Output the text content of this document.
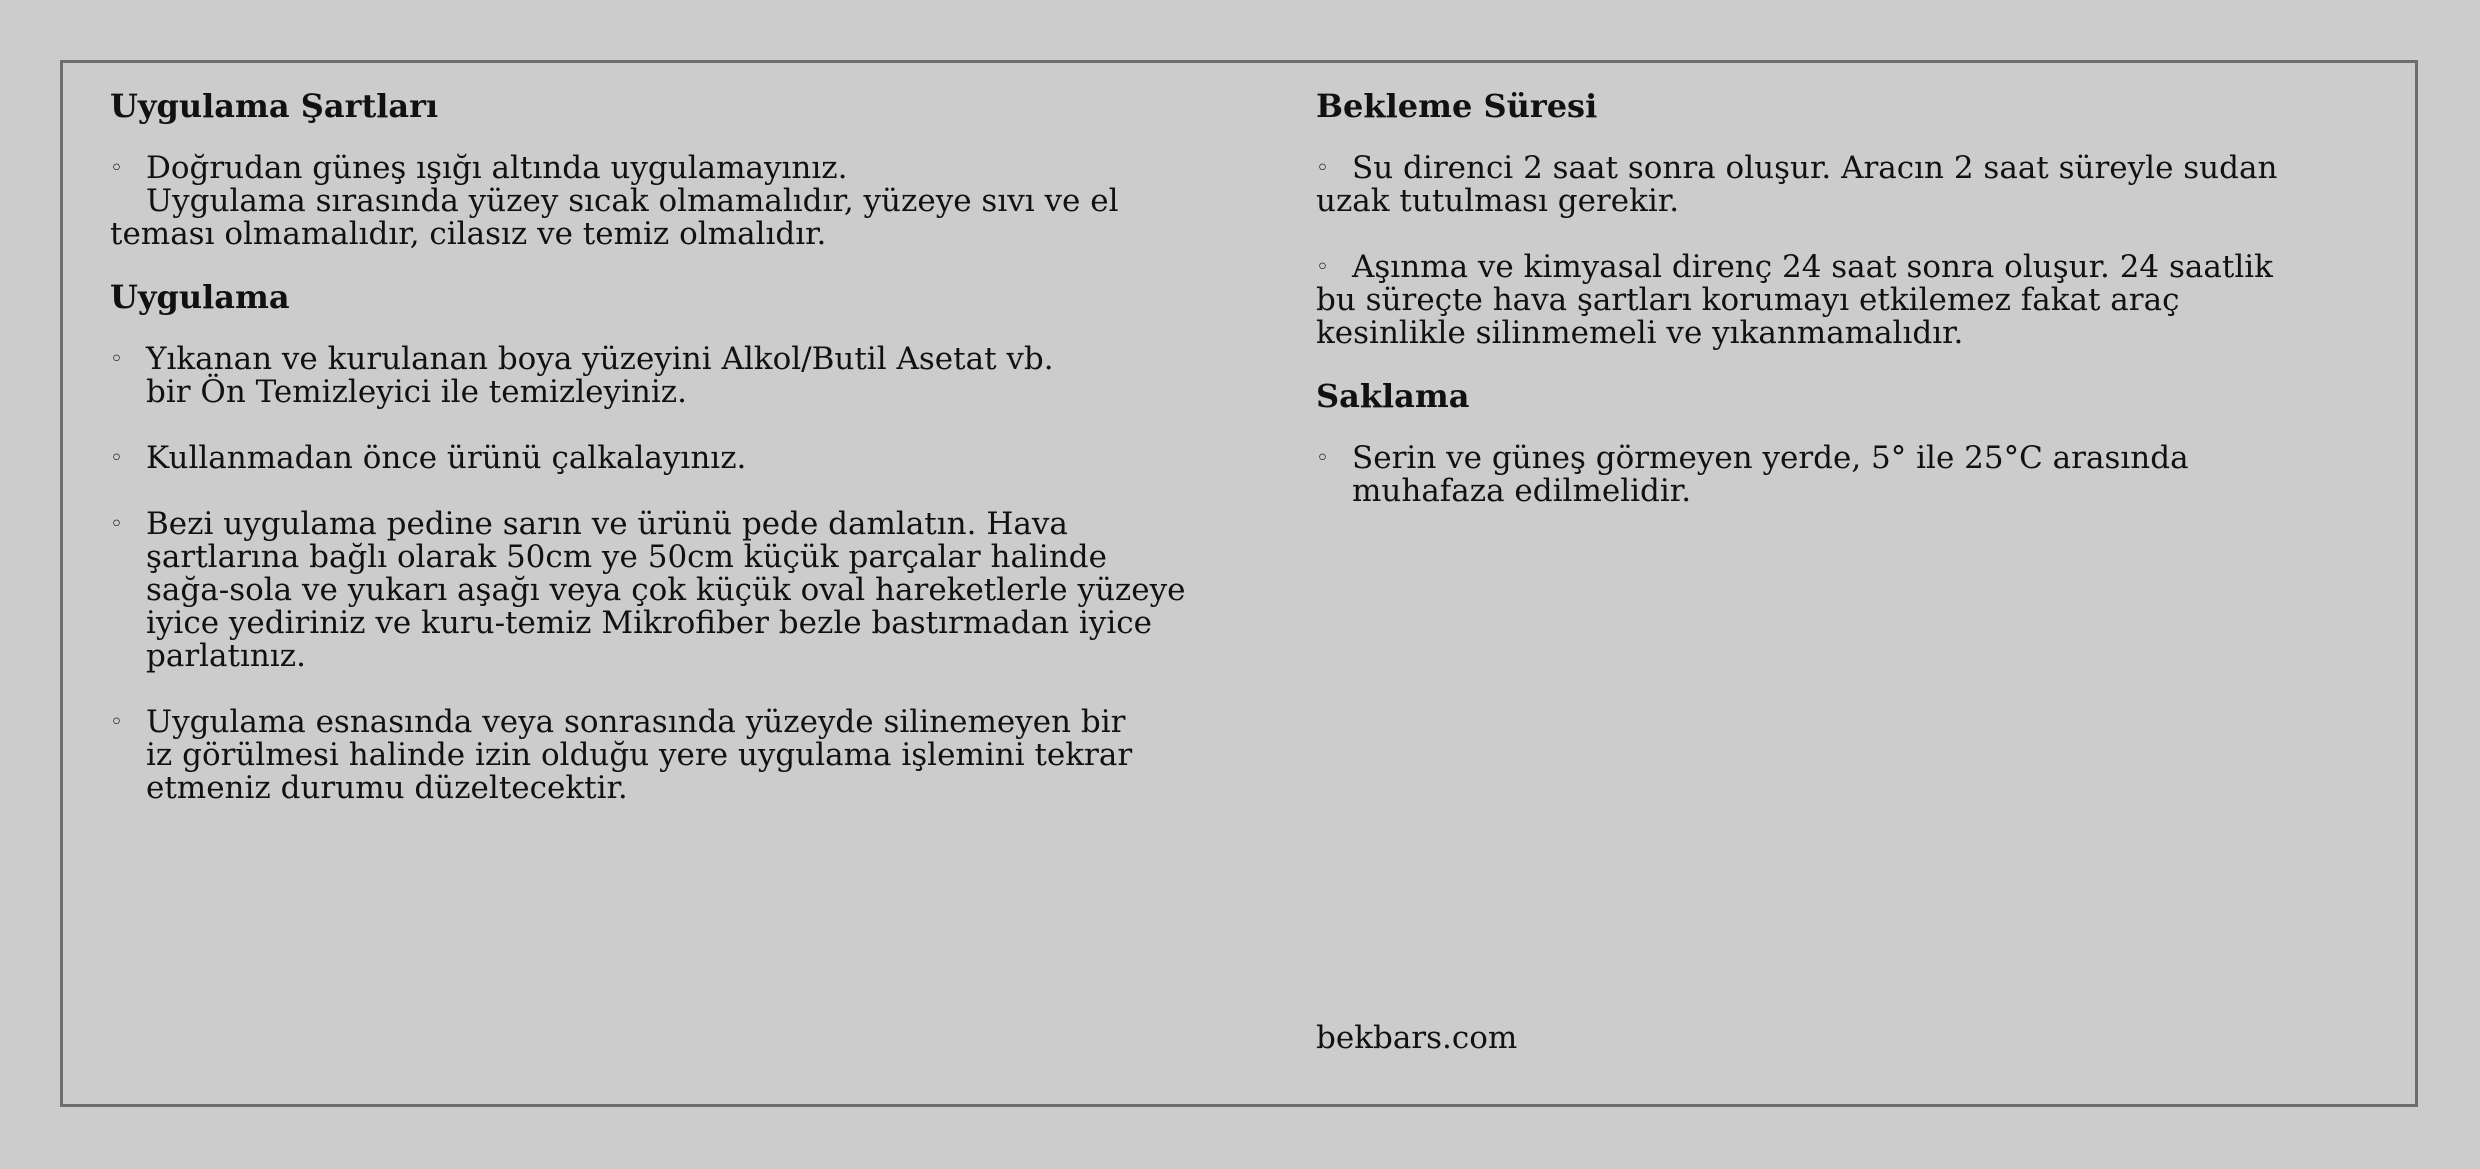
Uygulama Şartları
◦ Doğrudan güneş ışığı altında uygulamayınız.
Uygulama sırasında yüzey sıcak olmamalıdır, yüzeye sıvı ve el
teması olmamalıdır, cilasız ve temiz olmalıdır.
Uygulama
◦ Yıkanan ve kurulanan boya yüzeyini Alkol/Butil Asetat vb.
bir Ön Temizleyici ile temizleyiniz.
◦ Kullanmadan önce ürünü çalkalayınız.
◦ Bezi uygulama pedine sarın ve ürünü pede damlatın. Hava
şartlarına bağlı olarak 50cm ye 50cm küçük parçalar halinde
sağa-sola ve yukarı aşağı veya çok küçük oval hareketlerle yüzeye
iyice yediriniz ve kuru-temiz Mikrofiber bezle bastırmadan iyice
parlatınız.
◦ Uygulama esnasında veya sonrasında yüzeyde silinemeyen bir
iz görülmesi halinde izin olduğu yere uygulama işlemini tekrar
etmeniz durumu düzeltecektir.
Bekleme Süresi
◦ Su direnci 2 saat sonra oluşur. Aracın 2 saat süreyle sudan
uzak tutulması gerekir.
◦ Aşınma ve kimyasal direnç 24 saat sonra oluşur. 24 saatlik
bu süreçte hava şartları korumayı etkilemez fakat araç
kesinlikle silinmemeli ve yıkanmamalıdır.
Saklama
◦ Serin ve güneş görmeyen yerde, 5° ile 25°C arasında
muhafaza edilmelidir.
bekbars.com
